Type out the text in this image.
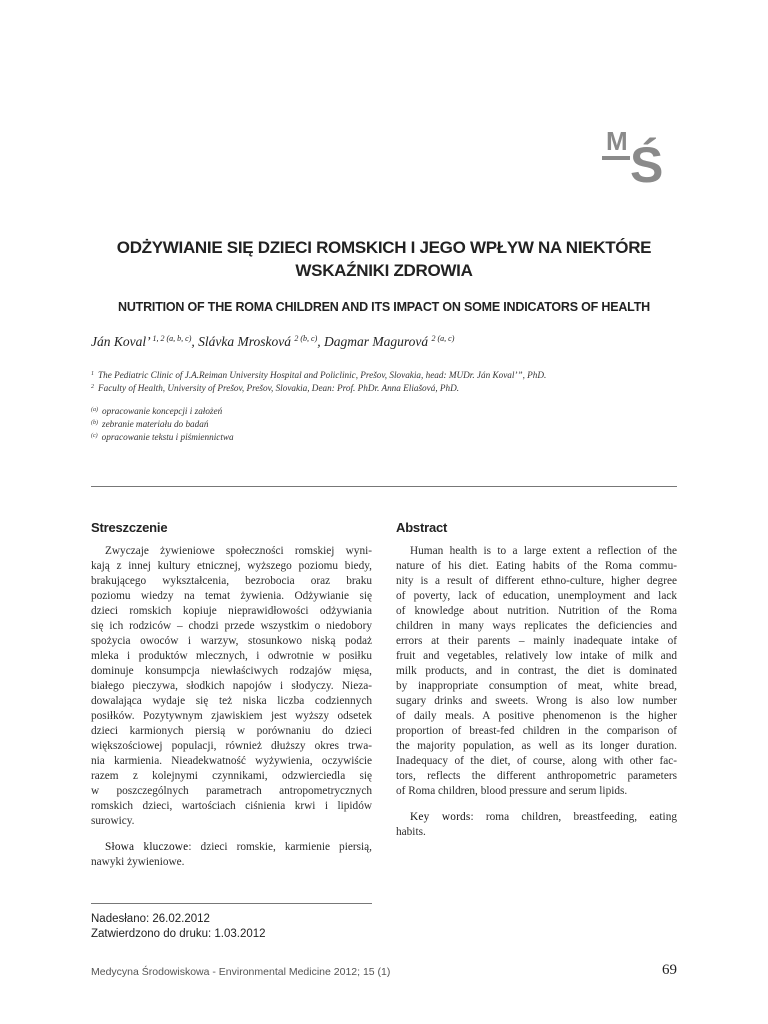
M Ś
ODŻYWIANIE SIĘ DZIECI ROMSKICH I JEGO WPŁYW NA NIEKTÓRE
WSKAŹNIKI ZDROWIA
NUTRITION OF THE ROMA CHILDREN AND ITS IMPACT ON SOME INDICATORS OF HEALTH
Ján Koval’ $^{1, 2 (a, b, c)}$, Slávka Mrosková $^{2 (b, c)}$, Dagmar Magurová $^{2 (a, c)}$
$^1$ The Pediatric Clinic of J.A.Reiman University Hospital and Policlinic, Prešov, Slovakia, head: MUDr. Ján Koval’”, PhD.
$^2$ Faculty of Health, University of Prešov, Prešov, Slovakia, Dean: Prof. PhDr. Anna Eliašová, PhD.
$^{(a)}$ opracowanie koncepcji i założeń
$^{(b)}$ zebranie materiału do badań
$^{(c)}$ opracowanie tekstu i piśmiennictwa
Streszczenie
Zwyczaje żywieniowe społeczności romskiej wyni-
kają z innej kultury etnicznej, wyższego poziomu biedy,
brakującego wykształcenia, bezrobocia oraz braku
poziomu wiedzy na temat żywienia. Odżywianie się
dzieci romskich kopiuje nieprawidłowości odżywiania
się ich rodziców – chodzi przede wszystkim o niedobory
spożycia owoców i warzyw, stosunkowo niską podaż
mleka i produktów mlecznych, i odwrotnie w posiłku
dominuje konsumpcja niewłaściwych rodzajów mięsa,
białego pieczywa, słodkich napojów i słodyczy. Nieza-
dowalająca wydaje się też niska liczba codziennych
posiłków. Pozytywnym zjawiskiem jest wyższy odsetek
dzieci karmionych piersią w porównaniu do dzieci
większościowej populacji, również dłuższy okres trwa-
nia karmienia. Nieadekwatność wyżywienia, oczywiście
razem z kolejnymi czynnikami, odzwierciedla się
w poszczególnych parametrach antropometrycznych
romskich dzieci, wartościach ciśnienia krwi i lipidów
surowicy.
Słowa kluczowe: dzieci romskie, karmienie piersią,
nawyki żywieniowe.
Abstract
Human health is to a large extent a reflection of the
nature of his diet. Eating habits of the Roma commu-
nity is a result of different ethno-culture, higher degree
of poverty, lack of education, unemployment and lack
of knowledge about nutrition. Nutrition of the Roma
children in many ways replicates the deficiencies and
errors at their parents – mainly inadequate intake of
fruit and vegetables, relatively low intake of milk and
milk products, and in contrast, the diet is dominated
by inappropriate consumption of meat, white bread,
sugary drinks and sweets. Wrong is also low number
of daily meals. A positive phenomenon is the higher
proportion of breast-fed children in the comparison of
the majority population, as well as its longer duration.
Inadequacy of the diet, of course, along with other fac-
tors, reflects the different anthropometric parameters
of Roma children, blood pressure and serum lipids.
Key words: roma children, breastfeeding, eating
habits.
Nadesłano: 26.02.2012
Zatwierdzono do druku: 1.03.2012
Medycyna Środowiskowa - Environmental Medicine 2012; 15 (1)	69
